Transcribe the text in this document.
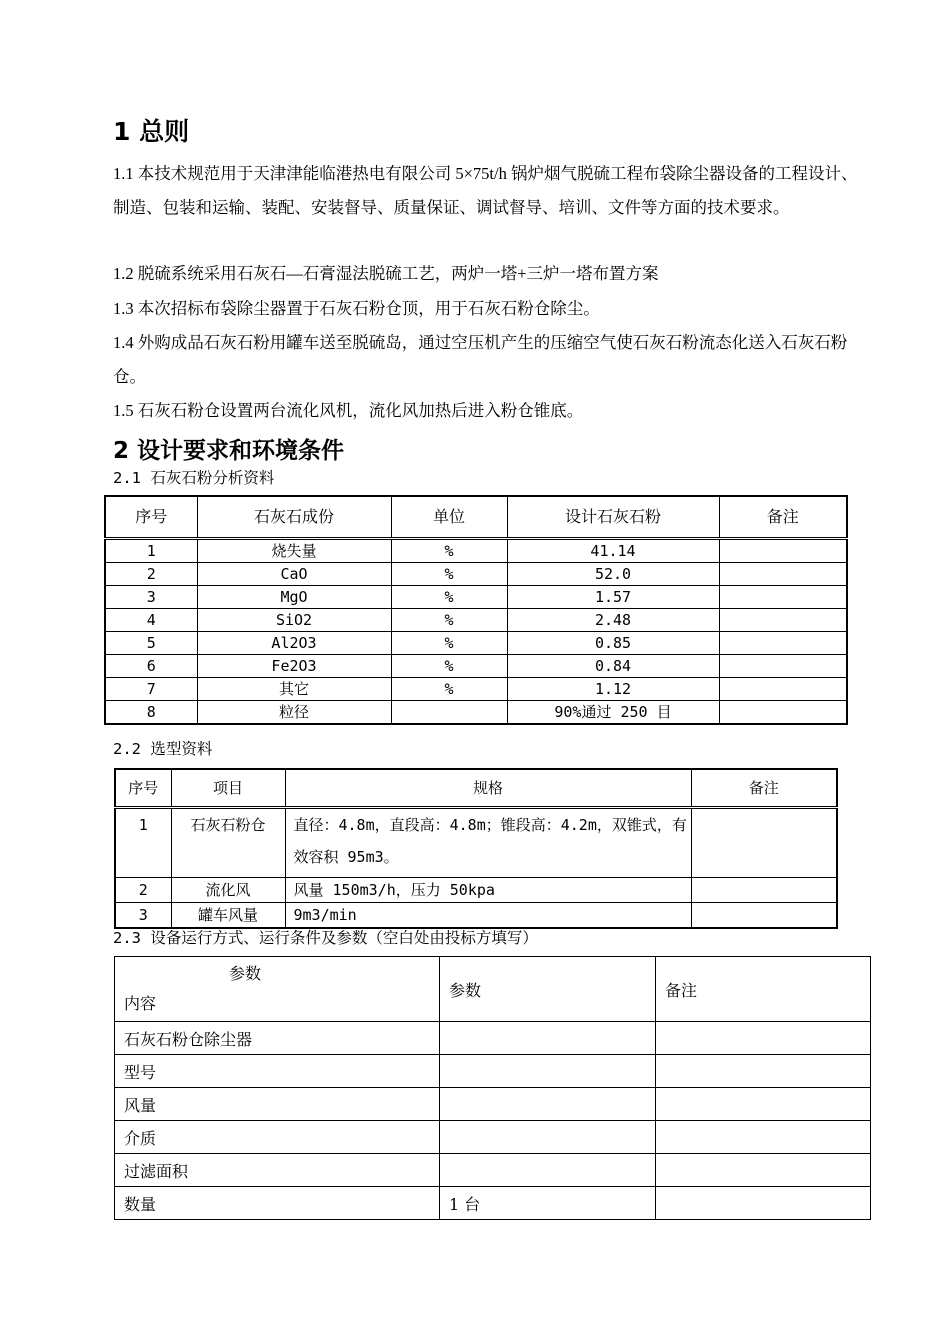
1 总则
1.1 本技术规范用于天津津能临港热电有限公司 5×75t/h 锅炉烟气脱硫工程布袋除尘器设备的工程设计、制造、包装和运输、装配、安装督导、质量保证、调试督导、培训、文件等方面的技术要求。
1.2 脱硫系统采用石灰石—石膏湿法脱硫工艺，两炉一塔+三炉一塔布置方案
1.3 本次招标布袋除尘器置于石灰石粉仓顶，用于石灰石粉仓除尘。
1.4 外购成品石灰石粉用罐车送至脱硫岛，通过空压机产生的压缩空气使石灰石粉流态化送入石灰石粉仓。
1.5 石灰石粉仓设置两台流化风机，流化风加热后进入粉仓锥底。
2 设计要求和环境条件
2.1 石灰石粉分析资料
序号	石灰石成份	单位	设计石灰石粉	备注
1	烧失量	%	41.14	
2	CaO	%	52.0	
3	MgO	%	1.57	
4	SiO2	%	2.48	
5	Al2O3	%	0.85	
6	Fe2O3	%	0.84	
7	其它	%	1.12	
8	粒径		90%通过 250 目	
2.2 选型资料
序号	项目	规格	备注
1	石灰石粉仓	直径：4.8m，直段高：4.8m；锥段高：4.2m，双锥式，有效容积 95m3。	
2	流化风	风量 150m3/h，压力 50kpa	
3	罐车风量	9m3/min	
2.3 设备运行方式、运行条件及参数（空白处由投标方填写）
参数
内容	参数	备注
石灰石粉仓除尘器		
型号		
风量		
介质		
过滤面积		
数量	1 台	
